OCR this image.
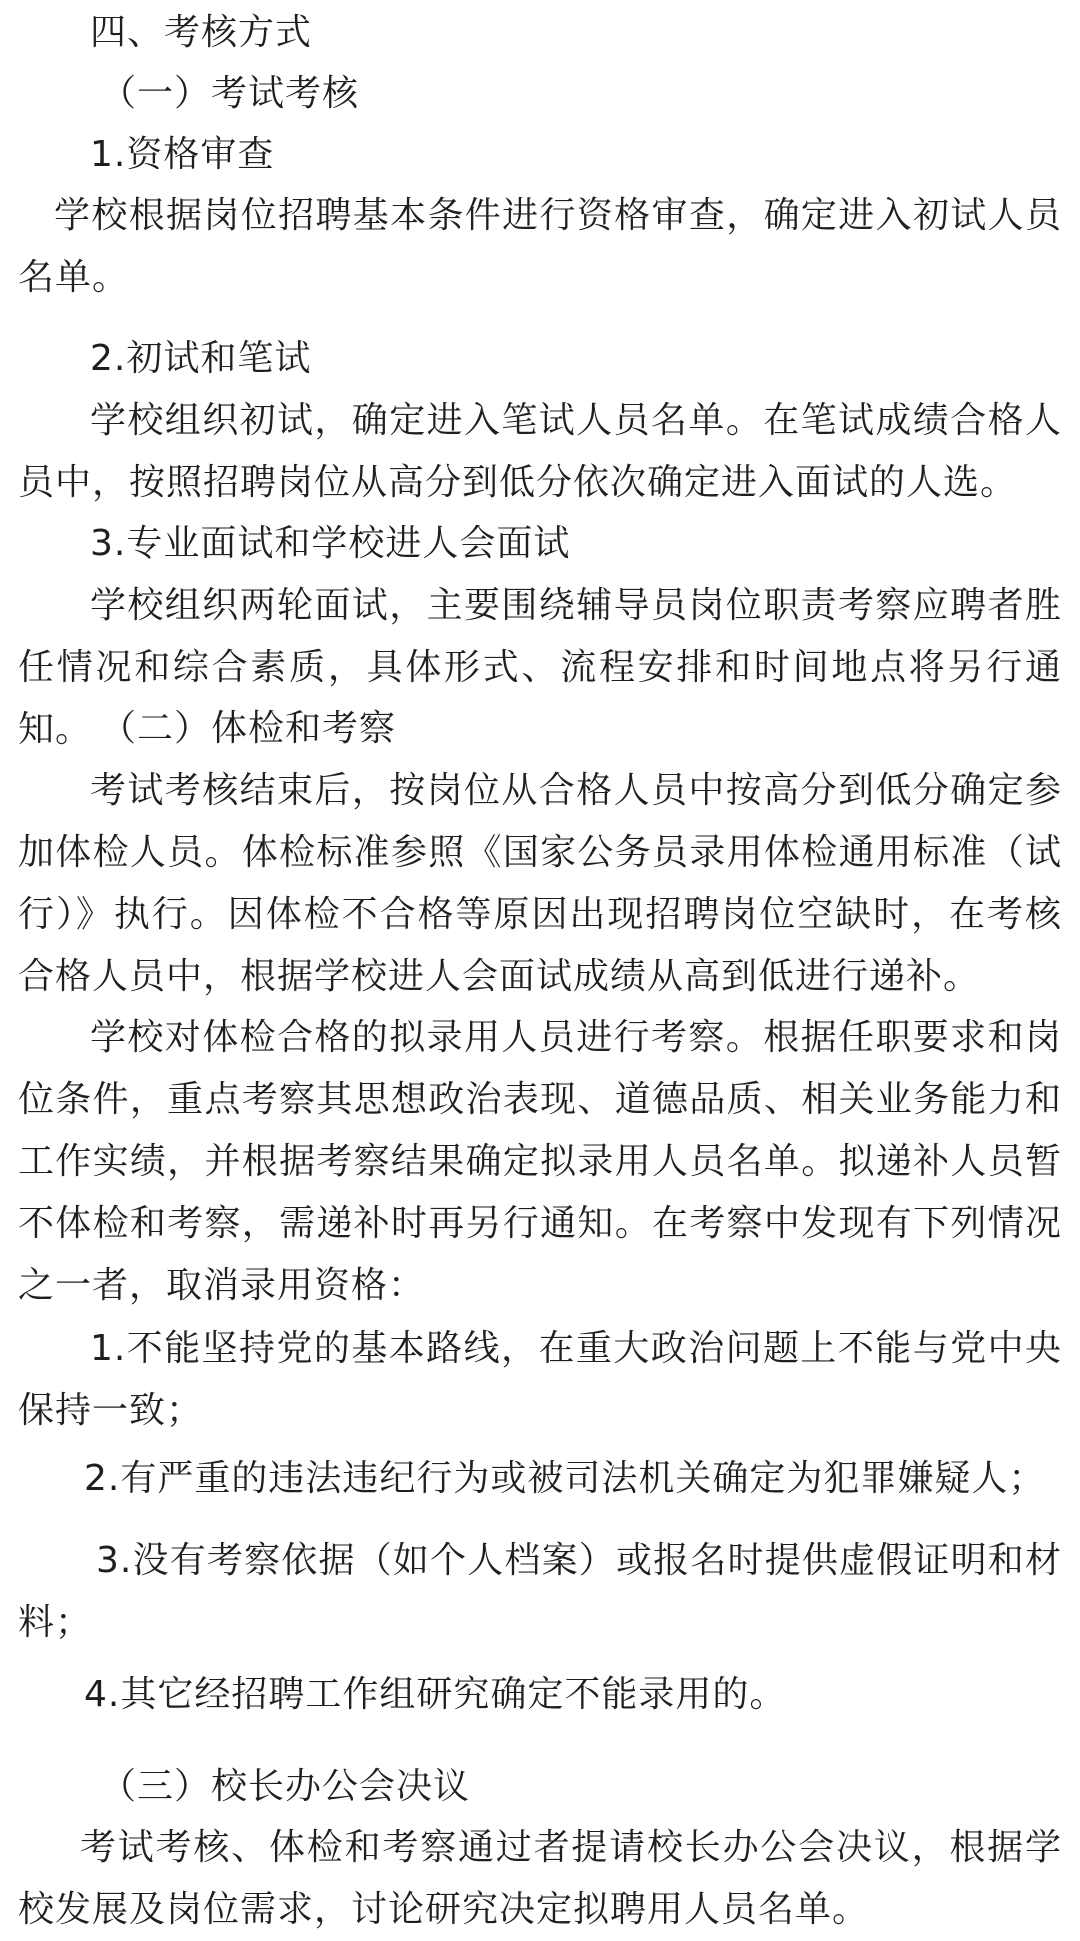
四、考核方式
（一）考试考核
1.资格审查
学校根据岗位招聘基本条件进行资格审查，确定进入初试人员名单。
2.初试和笔试
学校组织初试，确定进入笔试人员名单。在笔试成绩合格人员中，按照招聘岗位从高分到低分依次确定进入面试的人选。
3.专业面试和学校进人会面试
学校组织两轮面试，主要围绕辅导员岗位职责考察应聘者胜任情况和综合素质，具体形式、流程安排和时间地点将另行通知。 （二）体检和考察
考试考核结束后，按岗位从合格人员中按高分到低分确定参加体检人员。体检标准参照《国家公务员录用体检通用标准（试行）》执行。因体检不合格等原因出现招聘岗位空缺时，在考核合格人员中，根据学校进人会面试成绩从高到低进行递补。
学校对体检合格的拟录用人员进行考察。根据任职要求和岗位条件，重点考察其思想政治表现、道德品质、相关业务能力和工作实绩，并根据考察结果确定拟录用人员名单。拟递补人员暂不体检和考察，需递补时再另行通知。在考察中发现有下列情况之一者，取消录用资格：
1.不能坚持党的基本路线，在重大政治问题上不能与党中央保持一致；
2.有严重的违法违纪行为或被司法机关确定为犯罪嫌疑人；
3.没有考察依据（如个人档案）或报名时提供虚假证明和材料；
4.其它经招聘工作组研究确定不能录用的。
（三）校长办公会决议
考试考核、体检和考察通过者提请校长办公会决议，根据学校发展及岗位需求，讨论研究决定拟聘用人员名单。
